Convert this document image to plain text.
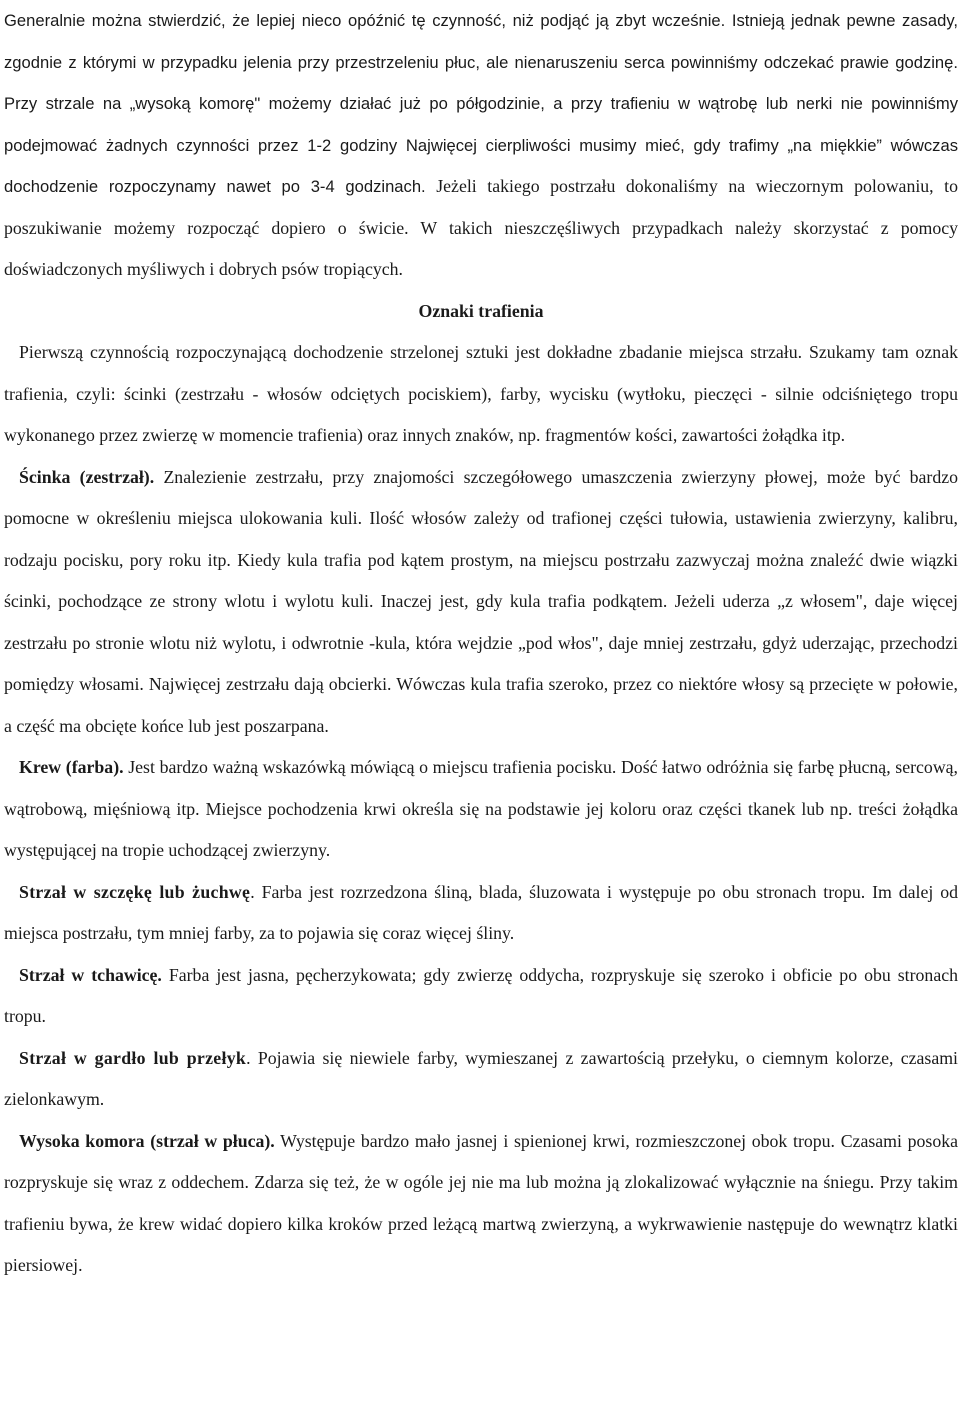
Generalnie można stwierdzić, że lepiej nieco opóźnić tę czynność, niż podjąć ją zbyt wcześnie. Istnieją jednak pewne zasady, zgodnie z którymi w przypadku jelenia przy przestrzeleniu płuc, ale nienaruszeniu serca powinniśmy odczekać prawie godzinę. Przy strzale na „wysoką komorę" możemy działać już po półgodzinie, a przy trafieniu w wątrobę lub nerki nie powinniśmy podejmować żadnych czynności przez 1-2 godziny Najwięcej cierpliwości musimy mieć, gdy trafimy „na miękkie” wówczas dochodzenie rozpoczynamy nawet po 3-4 godzinach. Jeżeli takiego postrzału dokonaliśmy na wieczornym polowaniu, to poszukiwanie możemy rozpocząć dopiero o świcie. W takich nieszczęśliwych przypadkach należy skorzystać z pomocy doświadczonych myśliwych i dobrych psów tropiących.

Oznaki trafienia

Pierwszą czynnością rozpoczynającą dochodzenie strzelonej sztuki jest dokładne zbadanie miejsca strzału. Szukamy tam oznak trafienia, czyli: ścinki (zestrzału - włosów odciętych pociskiem), farby, wycisku (wytłoku, pieczęci - silnie odciśniętego tropu wykonanego przez zwierzę w momencie trafienia) oraz innych znaków, np. fragmentów kości, zawartości żołądka itp.

Ścinka (zestrzał). Znalezienie zestrzału, przy znajomości szczegółowego umaszczenia zwierzyny płowej, może być bardzo pomocne w określeniu miejsca ulokowania kuli. Ilość włosów zależy od trafionej części tułowia, ustawienia zwierzyny, kalibru, rodzaju pocisku, pory roku itp. Kiedy kula trafia pod kątem prostym, na miejscu postrzału zazwyczaj można znaleźć dwie wiązki ścinki, pochodzące ze strony wlotu i wylotu kuli. Inaczej jest, gdy kula trafia podkątem. Jeżeli uderza „z włosem", daje więcej zestrzału po stronie wlotu niż wylotu, i odwrotnie -kula, która wejdzie „pod włos", daje mniej zestrzału, gdyż uderzając, przechodzi pomiędzy włosami. Najwięcej zestrzału dają obcierki. Wówczas kula trafia szeroko, przez co niektóre włosy są przecięte w połowie, a część ma obcięte końce lub jest poszarpana.

Krew (farba). Jest bardzo ważną wskazówką mówiącą o miejscu trafienia pocisku. Dość łatwo odróżnia się farbę płucną, sercową, wątrobową, mięśniową itp. Miejsce pochodzenia krwi określa się na podstawie jej koloru oraz części tkanek lub np. treści żołądka występującej na tropie uchodzącej zwierzyny.

Strzał w szczękę lub żuchwę. Farba jest rozrzedzona śliną, blada, śluzowata i występuje po obu stronach tropu. Im dalej od miejsca postrzału, tym mniej farby, za to pojawia się coraz więcej śliny.

Strzał w tchawicę. Farba jest jasna, pęcherzykowata; gdy zwierzę oddycha, rozpryskuje się szeroko i obficie po obu stronach tropu.

Strzał w gardło lub przełyk. Pojawia się niewiele farby, wymieszanej z zawartością przełyku, o ciemnym kolorze, czasami zielonkawym.

Wysoka komora (strzał w płuca). Występuje bardzo mało jasnej i spienionej krwi, rozmieszczonej obok tropu. Czasami posoka rozpryskuje się wraz z oddechem. Zdarza się też, że w ogóle jej nie ma lub można ją zlokalizować wyłącznie na śniegu. Przy takim trafieniu bywa, że krew widać dopiero kilka kroków przed leżącą martwą zwierzyną, a wykrwawienie następuje do wewnątrz klatki piersiowej.
